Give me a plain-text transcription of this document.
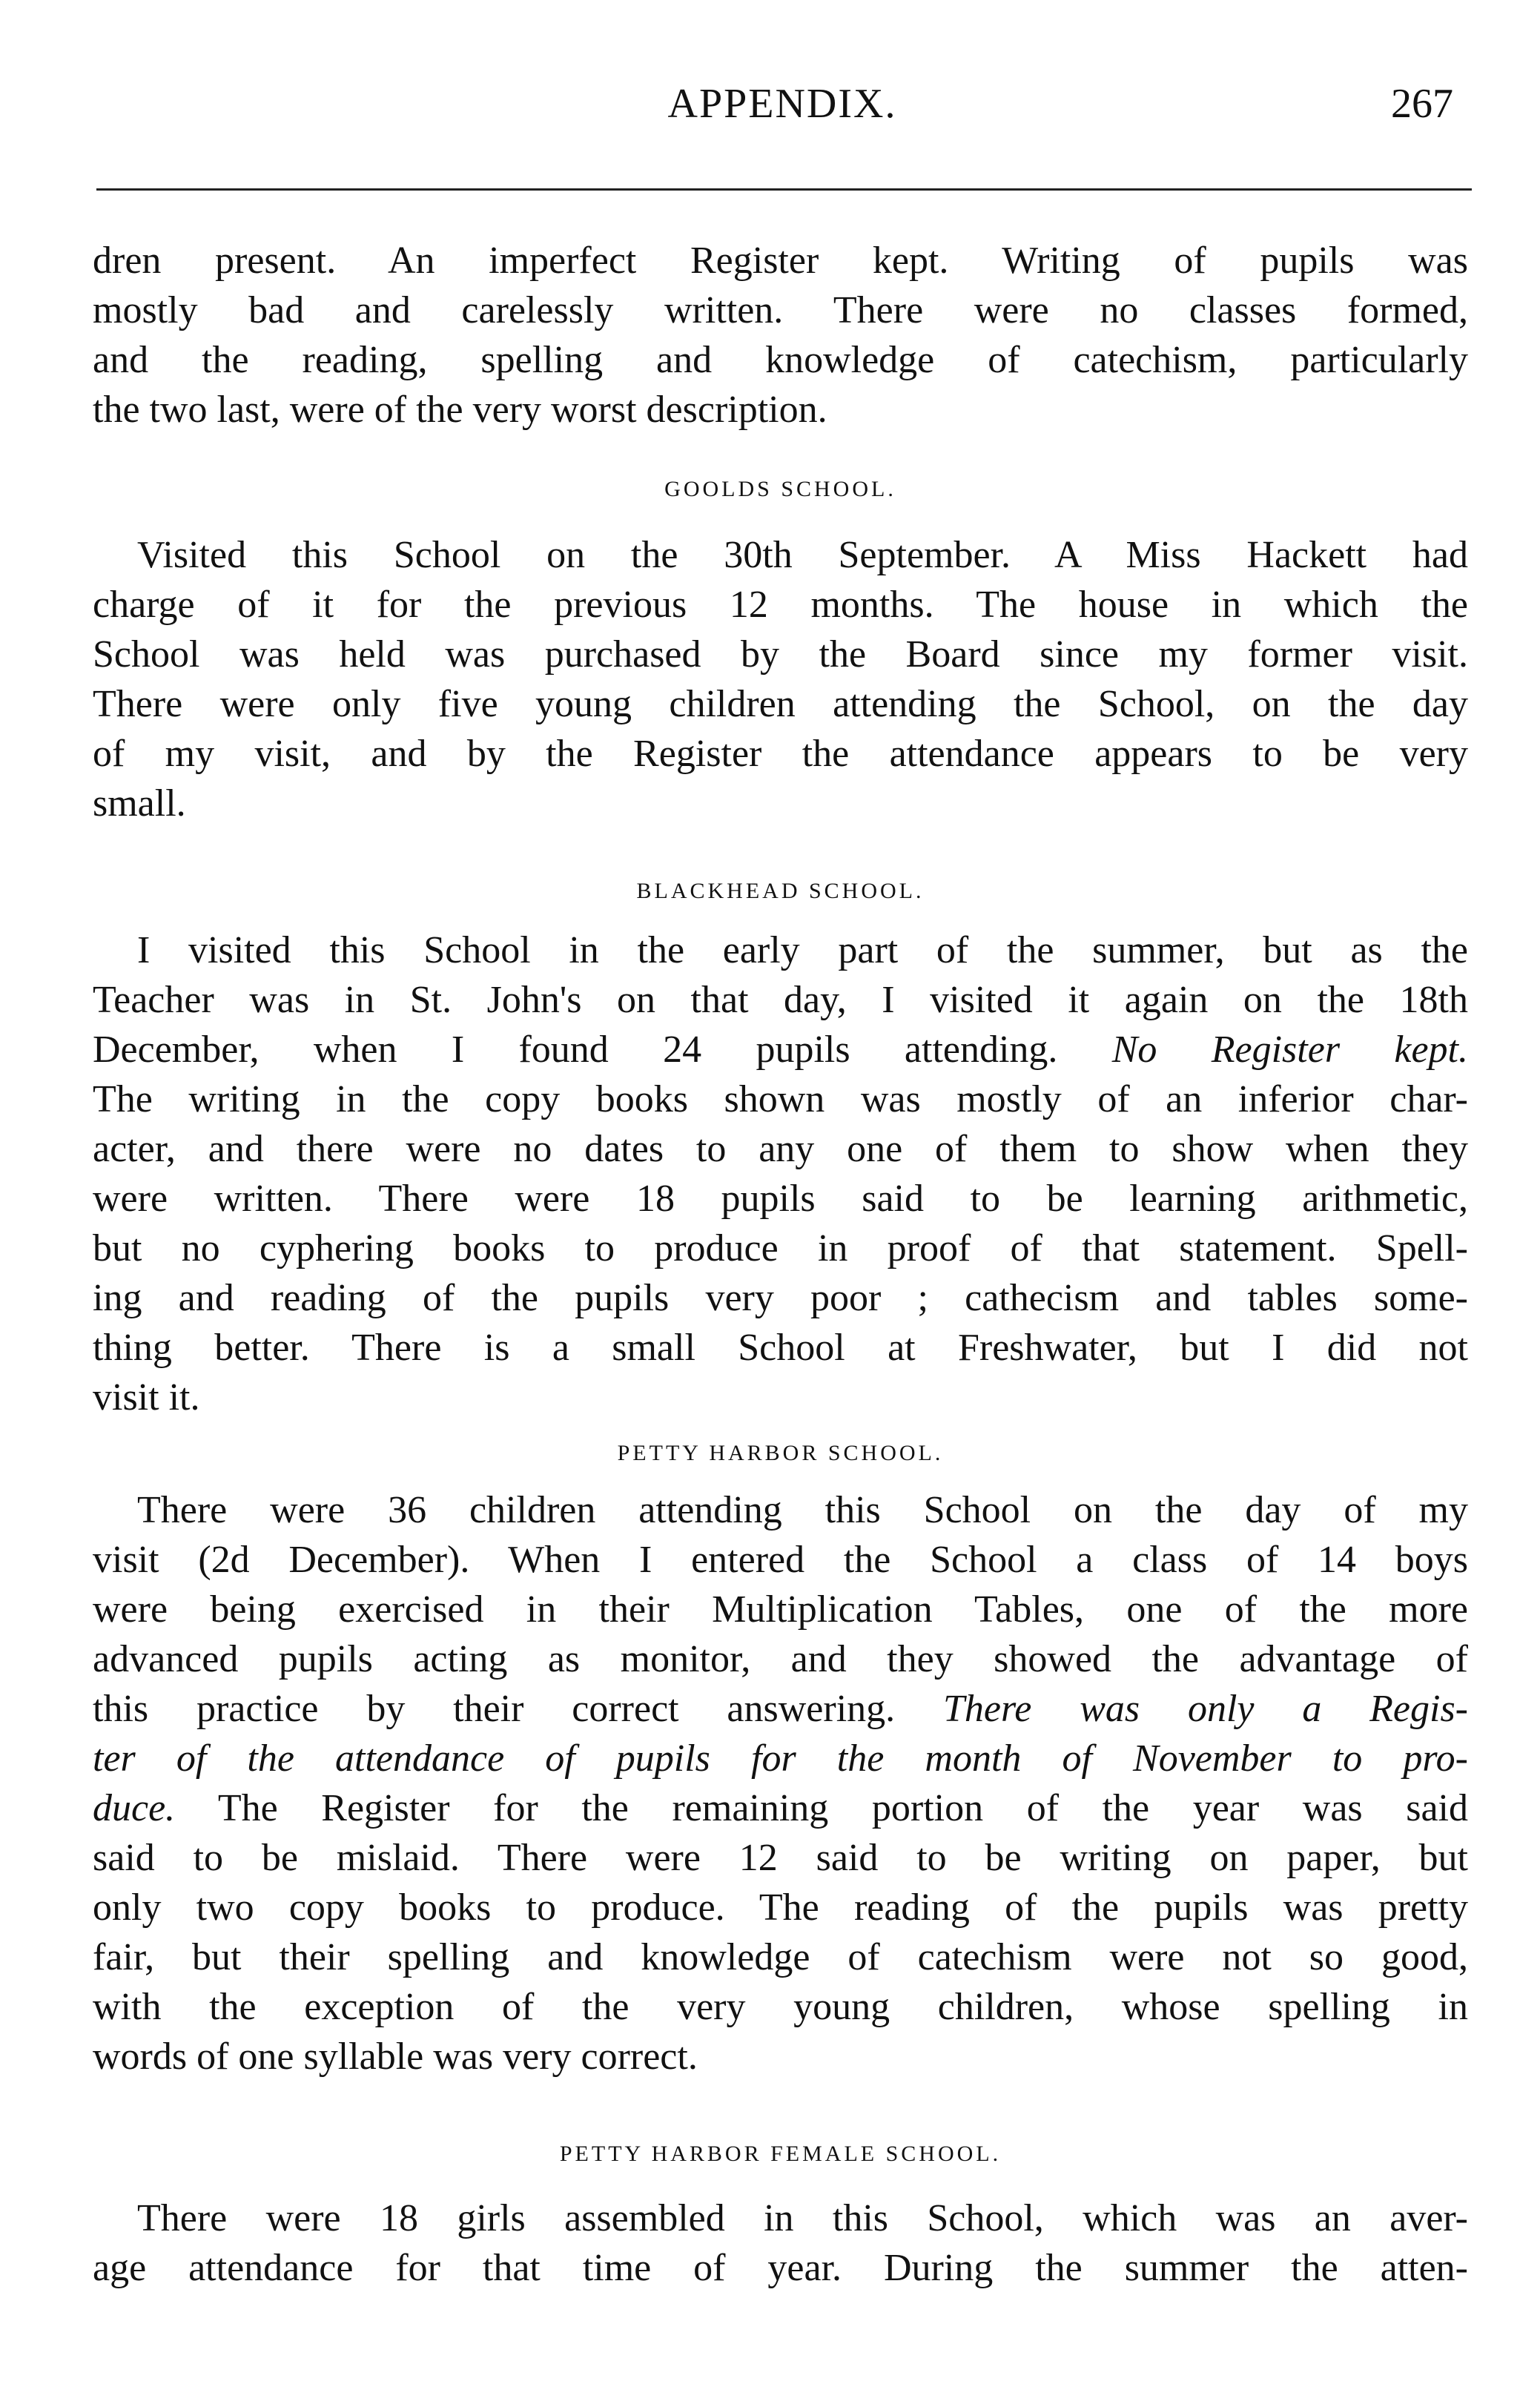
APPENDIX.	267
dren present. An imperfect Register kept. Writing of pupils was
mostly bad and carelessly written. There were no classes formed,
and the reading, spelling and knowledge of catechism, particularly
the two last, were of the very worst description.
GOOLDS SCHOOL.
Visited this School on the 30th September. A Miss Hackett had
charge of it for the previous 12 months. The house in which the
School was held was purchased by the Board since my former visit.
There were only five young children attending the School, on the day
of my visit, and by the Register the attendance appears to be very
small.
BLACKHEAD SCHOOL.
I visited this School in the early part of the summer, but as the
Teacher was in St. John's on that day, I visited it again on the 18th
December, when I found 24 pupils attending. No Register kept.
The writing in the copy books shown was mostly of an inferior char-
acter, and there were no dates to any one of them to show when they
were written. There were 18 pupils said to be learning arithmetic,
but no cyphering books to produce in proof of that statement. Spell-
ing and reading of the pupils very poor ; cathecism and tables some-
thing better. There is a small School at Freshwater, but I did not
visit it.
PETTY HARBOR SCHOOL.
There were 36 children attending this School on the day of my
visit (2d December). When I entered the School a class of 14 boys
were being exercised in their Multiplication Tables, one of the more
advanced pupils acting as monitor, and they showed the advantage of
this practice by their correct answering. There was only a Regis-
ter of the attendance of pupils for the month of November to pro-
duce. The Register for the remaining portion of the year was said
said to be mislaid. There were 12 said to be writing on paper, but
only two copy books to produce. The reading of the pupils was pretty
fair, but their spelling and knowledge of catechism were not so good,
with the exception of the very young children, whose spelling in
words of one syllable was very correct.
PETTY HARBOR FEMALE SCHOOL.
There were 18 girls assembled in this School, which was an aver-
age attendance for that time of year. During the summer the atten-
